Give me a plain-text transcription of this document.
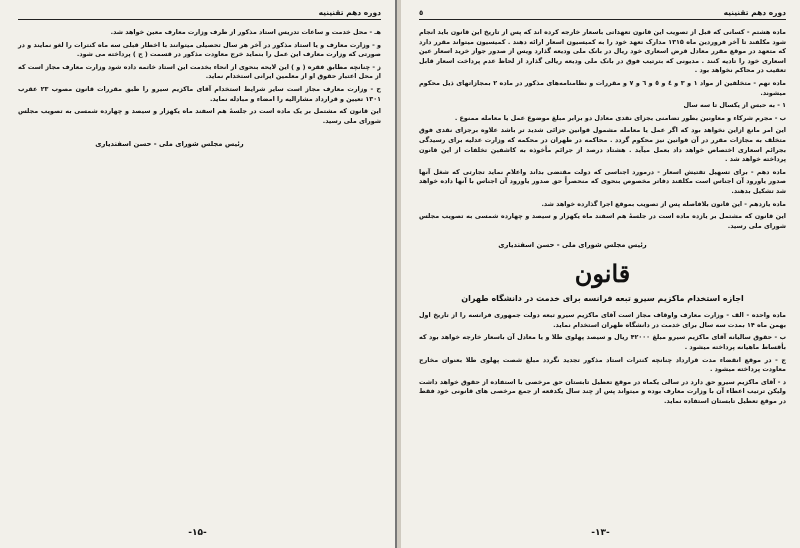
دوره دهم تقنینیه

هـ - محل خدمت و ساعات تدریس استاد مذکور از طرف وزارت معارف معین خواهد شد.

و - وزارت معارف و یا استاد مذکور در آخر هر سال تحصیلی میتوانند با اخطار قبلی سه ماه کنترات را لغو نمایند و در صورتی که وزارت معارف این عمل را بنماید خرج معاودت مذکور در قسمت ( ج ) پرداخته می شود.

ز - چنانچه مطابق فقره ( و ) این لایحه بنحوی از انحاء بخدمت این استاد خاتمه داده شود وزارت معارف مجاز است که از محل اعتبار حقوق او از معلمین ایرانی استخدام نماید.

ح - وزارت معارف مجاز است سایر شرایط استخدام آقای ماکزیم سیرو را طبق مقررات قانون مصوب ۲۳ عقرب ۱۳۰۱ تعیین و قرارداد مشارالیه را امضاء و مبادله نماید.

این قانون که مشتمل بر یک ماده است در جلسهٔ هم اسفند ماه یکهزار و سیصد و چهارده شمسی به تصویب مجلس شورای ملی رسید.

رئیس مجلس شورای ملی - حسن اسفندیاری
-۱۵-
٥	دوره دهم تقنینیه

ماده هشتم - کسانی که قبل از تصویب این قانون تعهداتی باسعار خارجه کرده اند که پس از تاریخ این قانون باید انجام شود مکلفند تا آخر فروردین ماه ۱۳۱۵ مدارک تعهد خود را به کمیسیون اسعار ارائه دهند . کمیسیون میتواند مقرر دارد که متعهد در موقع مقرر معادل قرض اسعاری خود ریال در بانک ملی ودیعه گذارد ویس از صدور جواز خرید اسعار عین اسعاری خود را تادیه کنند . مدیونی که بترتیب فوق در بانک ملی ودیعه ریالی گذارد از لحاظ عدم پرداخت اسعار قابل تعقیب در محاکم نخواهد بود .

ماده نهم - متخلفین از مواد ۱ و ۳ و ٤ و ٥ و ٦ و ۷ و مقررات و نظامنامه‌های مذکور در ماده ۲ بمجازاتهای ذیل محکوم میشوند.

۱ - به حبس از یکسال تا سه سال

ب - مجرم شرکاء و معاونین بطور تضامنی بجزای نقدی معادل دو برابر مبلغ موضوع عمل یا معامله ممنوع .

این امر مانع ازاین نخواهد بود که اگر عمل یا معامله مشمول قوانین جزائی شدید تر باشد علاوه برجزای نقدی فوق متخلف به مجازات مقرر در آن قوانین نیز محکوم گردد . محاکمه در طهران در محکمه که وزارت عدلیه برای رسیدگی بجرائم اسعاری اختصاص خواهد داد بعمل میآید . هشتاد درصد از جرائم مأخوذه به کاشفین تخلفات از این قانون پرداخته خواهد شد .

ماده دهم - برای تسهیل تفتیش اسعار - درمورد اجناسی که دولت مقتضی بداند واعلام نماید تجارتی که شغل آنها صدور یاورود آن اجناس است مکلفند دفاتر مخصوص بنحوی که منحصراً حق صدور یاورود آن اجناس با آنها داده خواهد شد تشکیل بدهند.

ماده یازدهم - این قانون بلافاصله پس از تصویب بموقع اجرا گذارده خواهد شد.

این قانون که مشتمل بر یازده ماده است در جلسهٔ هم اسفند ماه یکهزار و سیصد و چهارده شمسی به تصویب مجلس شورای ملی رسید.

رئیس مجلس شورای ملی - حسن اسفندیاری
قانون
اجازه استخدام ماکزیم سیرو تبعه فرانسه برای خدمت در دانشگاه طهران

ماده واحده - الف - وزارت معارف واوقاف مجاز است آقای ماکزیم سیرو تبعه دولت جمهوری فرانسه را از تاریخ اول بهمن ماه ۱۴ بمدت سه سال برای خدمت در دانشگاه طهران استخدام نماید.

ب - حقوق سالیانه آقای ماکزیم سیرو مبلغ ۴۲۰۰۰ ریال و سیصد پهلوی طلا و یا معادل آن باسعار خارجه خواهد بود که بأقساط ماهیانه پرداخته میشود .

ج - در موقع انقضاء مدت قرارداد چنانچه کنترات استاد مذکور تجدید نگردد مبلغ شصت پهلوی طلا بعنوان مخارج معاودت پرداخته میشود .

د - آقای ماکزیم سیرو حق دارد در سالی یکماه در موقع تعطیل تابستان حق مرخصی با استفاده از حقوق خواهد داشت ولیکن ترتیب اعطاء آن با وزارت معارف بوده و میتواند پس از چند سال یکدفعه از جمع مرخصی های قانونی خود فقط در موقع تعطیل تابستان استفاده نماید.

-۱۳-
